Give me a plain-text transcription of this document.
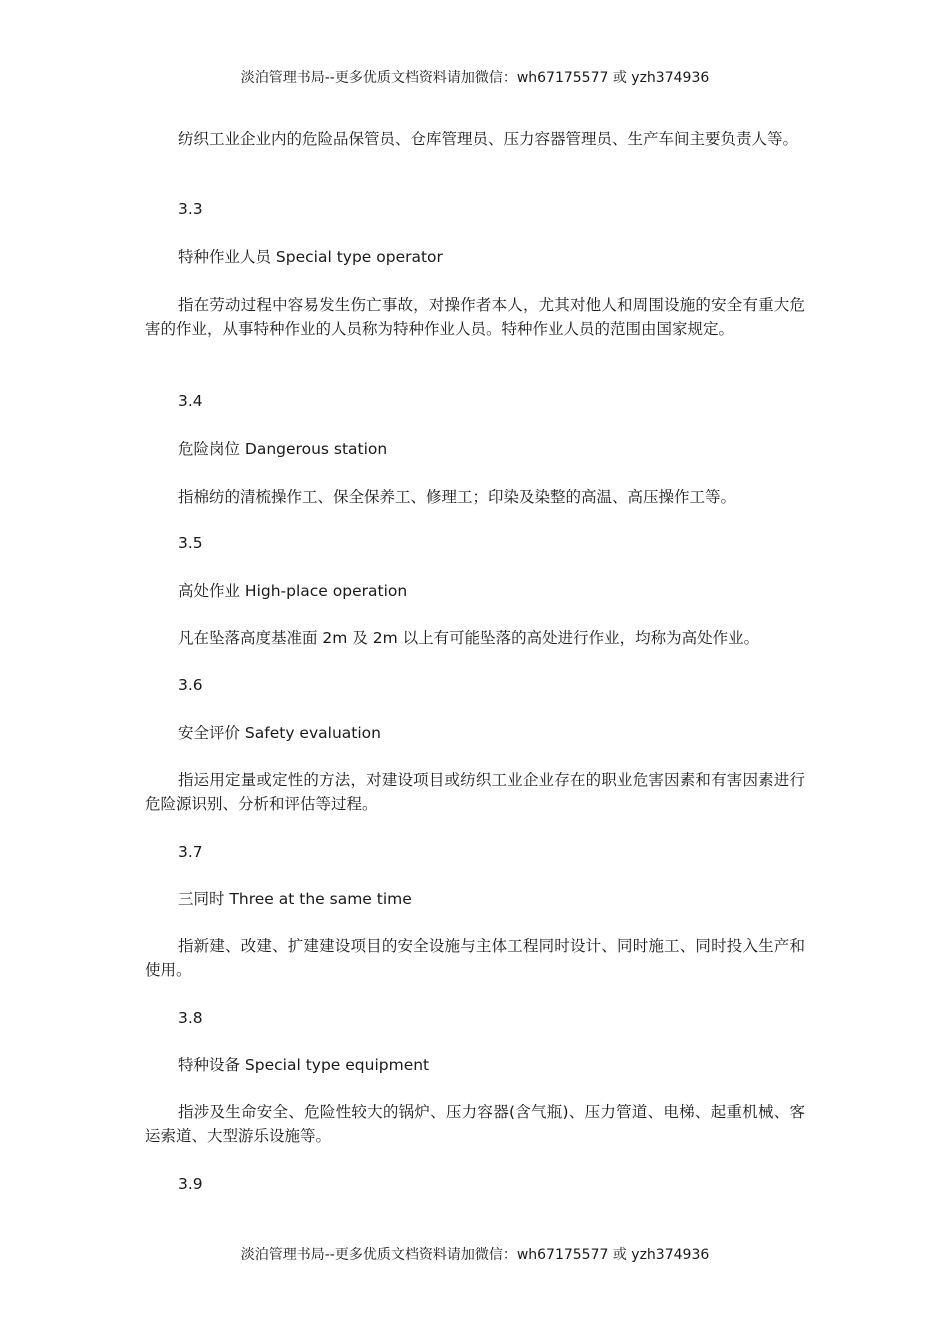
淡泊管理书局--更多优质文档资料请加微信：wh67175577 或 yzh374936
纺织工业企业内的危险品保管员、仓库管理员、压力容器管理员、生产车间主要负责人等。
3.3
特种作业人员 Special type operator
指在劳动过程中容易发生伤亡事故，对操作者本人，尤其对他人和周围设施的安全有重大危害的作业，从事特种作业的人员称为特种作业人员。特种作业人员的范围由国家规定。
3.4
危险岗位 Dangerous station
指棉纺的清梳操作工、保全保养工、修理工；印染及染整的高温、高压操作工等。
3.5
高处作业 High-place operation
凡在坠落高度基准面 2m 及 2m 以上有可能坠落的高处进行作业，均称为高处作业。
3.6
安全评价 Safety evaluation
指运用定量或定性的方法，对建设项目或纺织工业企业存在的职业危害因素和有害因素进行危险源识别、分析和评估等过程。
3.7
三同时 Three at the same time
指新建、改建、扩建建设项目的安全设施与主体工程同时设计、同时施工、同时投入生产和使用。
3.8
特种设备 Special type equipment
指涉及生命安全、危险性较大的锅炉、压力容器(含气瓶)、压力管道、电梯、起重机械、客运索道、大型游乐设施等。
3.9
淡泊管理书局--更多优质文档资料请加微信：wh67175577 或 yzh374936
